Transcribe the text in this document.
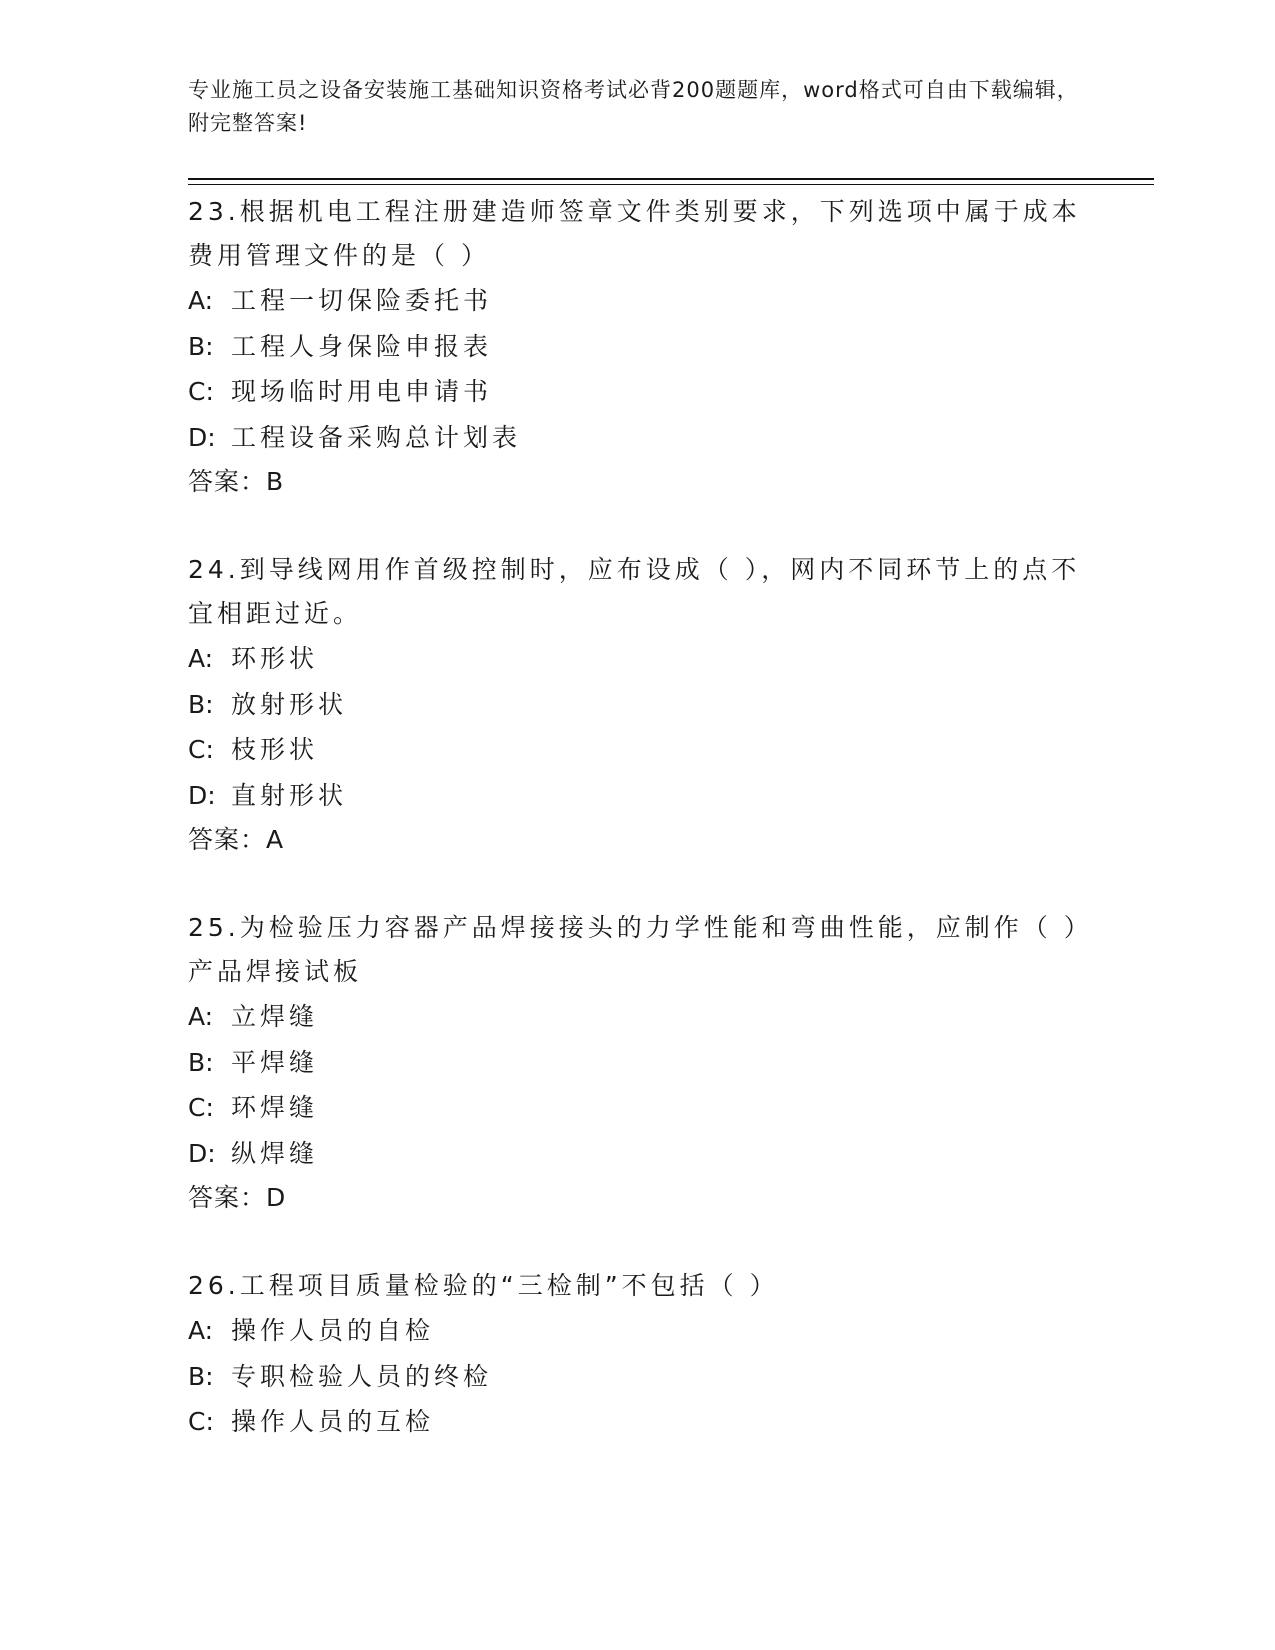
专业施工员之设备安装施工基础知识资格考试必背200题题库，word格式可自由下载编辑，附完整答案!

23.根据机电工程注册建造师签章文件类别要求，下列选项中属于成本费用管理文件的是（ ）

A: 工程一切保险委托书

B: 工程人身保险申报表

C: 现场临时用电申请书

D: 工程设备采购总计划表

答案：B

24.到导线网用作首级控制时，应布设成（ ），网内不同环节上的点不宜相距过近。

A: 环形状

B: 放射形状

C: 枝形状

D: 直射形状

答案：A

25.为检验压力容器产品焊接接头的力学性能和弯曲性能，应制作（ ）产品焊接试板

A: 立焊缝

B: 平焊缝

C: 环焊缝

D: 纵焊缝

答案：D

26.工程项目质量检验的“三检制”不包括（ ）

A: 操作人员的自检

B: 专职检验人员的终检

C: 操作人员的互检
